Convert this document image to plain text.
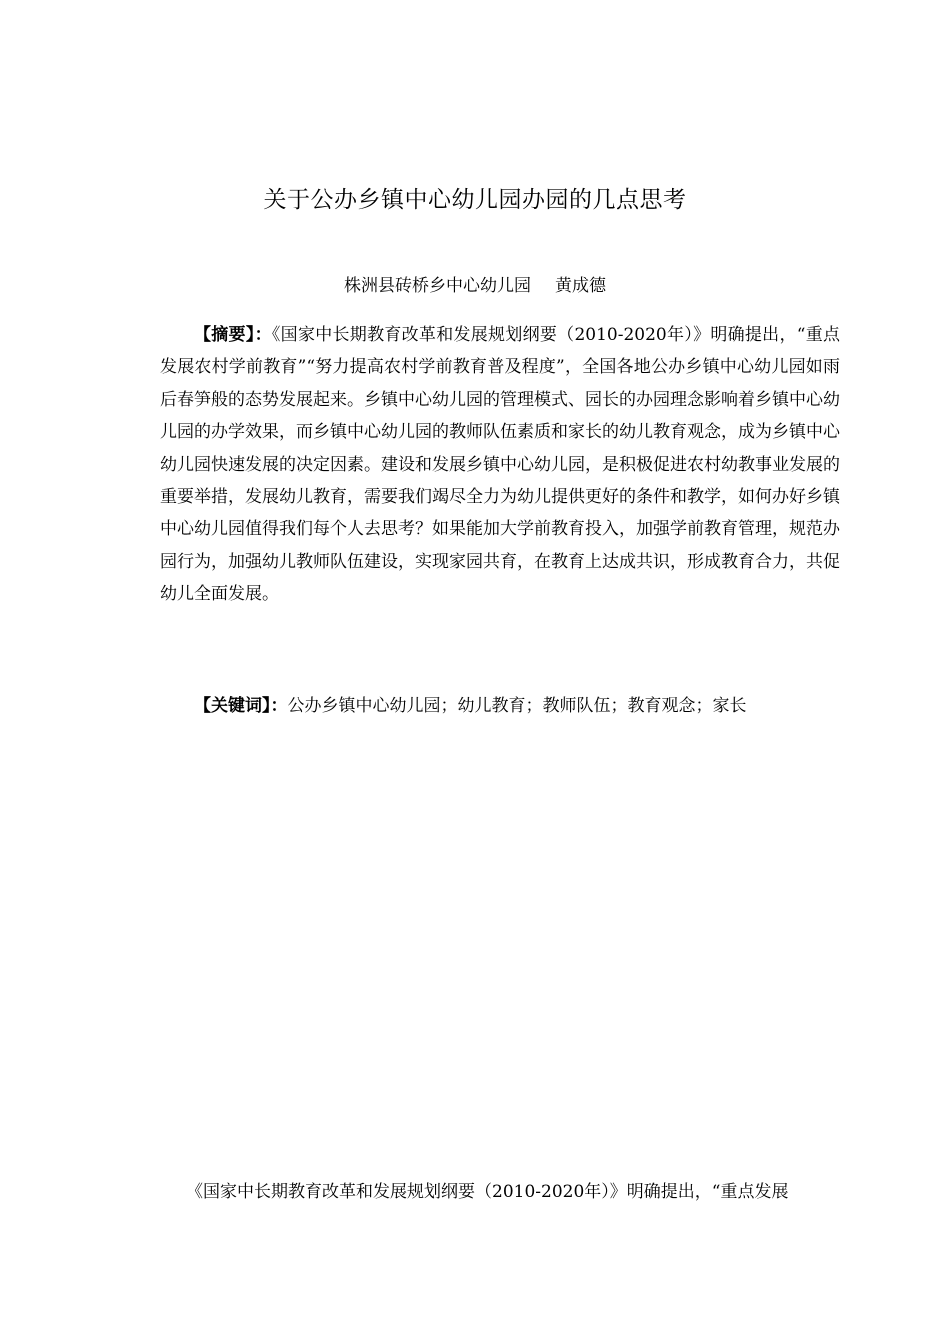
关于公办乡镇中心幼儿园办园的几点思考
株洲县砖桥乡中心幼儿园 黄成德

【摘要】：《国家中长期教育改革和发展规划纲要（2010-2020年）》明确提出，“重点发展农村学前教育”“努力提高农村学前教育普及程度”，全国各地公办乡镇中心幼儿园如雨后春笋般的态势发展起来。乡镇中心幼儿园的管理模式、园长的办园理念影响着乡镇中心幼儿园的办学效果，而乡镇中心幼儿园的教师队伍素质和家长的幼儿教育观念，成为乡镇中心幼儿园快速发展的决定因素。建设和发展乡镇中心幼儿园，是积极促进农村幼教事业发展的重要举措，发展幼儿教育，需要我们竭尽全力为幼儿提供更好的条件和教学，如何办好乡镇中心幼儿园值得我们每个人去思考？如果能加大学前教育投入，加强学前教育管理，规范办园行为，加强幼儿教师队伍建设，实现家园共育，在教育上达成共识，形成教育合力，共促幼儿全面发展。

【关键词】：公办乡镇中心幼儿园；幼儿教育；教师队伍；教育观念；家长

《国家中长期教育改革和发展规划纲要（2010-2020年）》明确提出，“重点发展
